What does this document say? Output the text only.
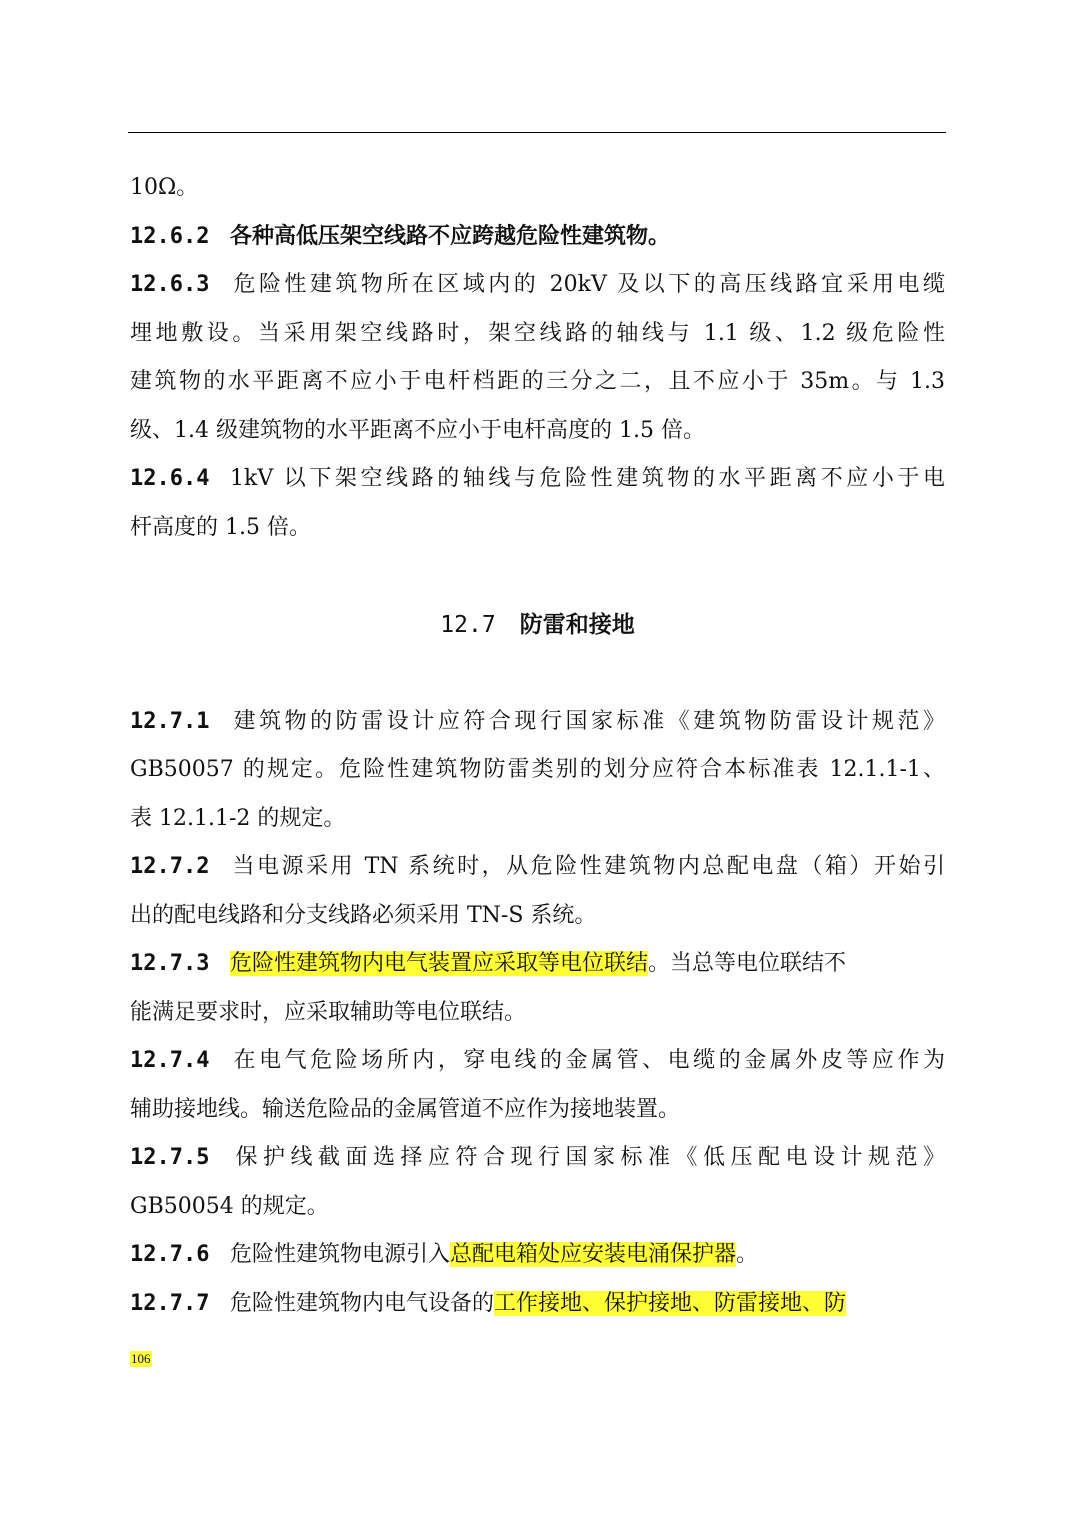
10Ω。
12.6.2 各种高低压架空线路不应跨越危险性建筑物。
12.6.3 危险性建筑物所在区域内的 20kV 及以下的高压线路宜采用电缆
埋地敷设。当采用架空线路时，架空线路的轴线与 1.1 级、1.2 级危险性
建筑物的水平距离不应小于电杆档距的三分之二，且不应小于 35m。与 1.3
级、1.4 级建筑物的水平距离不应小于电杆高度的 1.5 倍。
12.6.4 1kV 以下架空线路的轴线与危险性建筑物的水平距离不应小于电
杆高度的 1.5 倍。
12.7 防雷和接地
12.7.1 建筑物的防雷设计应符合现行国家标准《建筑物防雷设计规范》
GB50057 的规定。危险性建筑物防雷类别的划分应符合本标准表 12.1.1-1、
表 12.1.1-2 的规定。
12.7.2 当电源采用 TN 系统时，从危险性建筑物内总配电盘（箱）开始引
出的配电线路和分支线路必须采用 TN-S 系统。
12.7.3 危险性建筑物内电气装置应采取等电位联结。当总等电位联结不
能满足要求时，应采取辅助等电位联结。
12.7.4 在电气危险场所内，穿电线的金属管、电缆的金属外皮等应作为
辅助接地线。输送危险品的金属管道不应作为接地装置。
12.7.5 保护线截面选择应符合现行国家标准《低压配电设计规范》
GB50054 的规定。
12.7.6 危险性建筑物电源引入总配电箱处应安装电涌保护器。
12.7.7 危险性建筑物内电气设备的工作接地、保护接地、防雷接地、防
106
